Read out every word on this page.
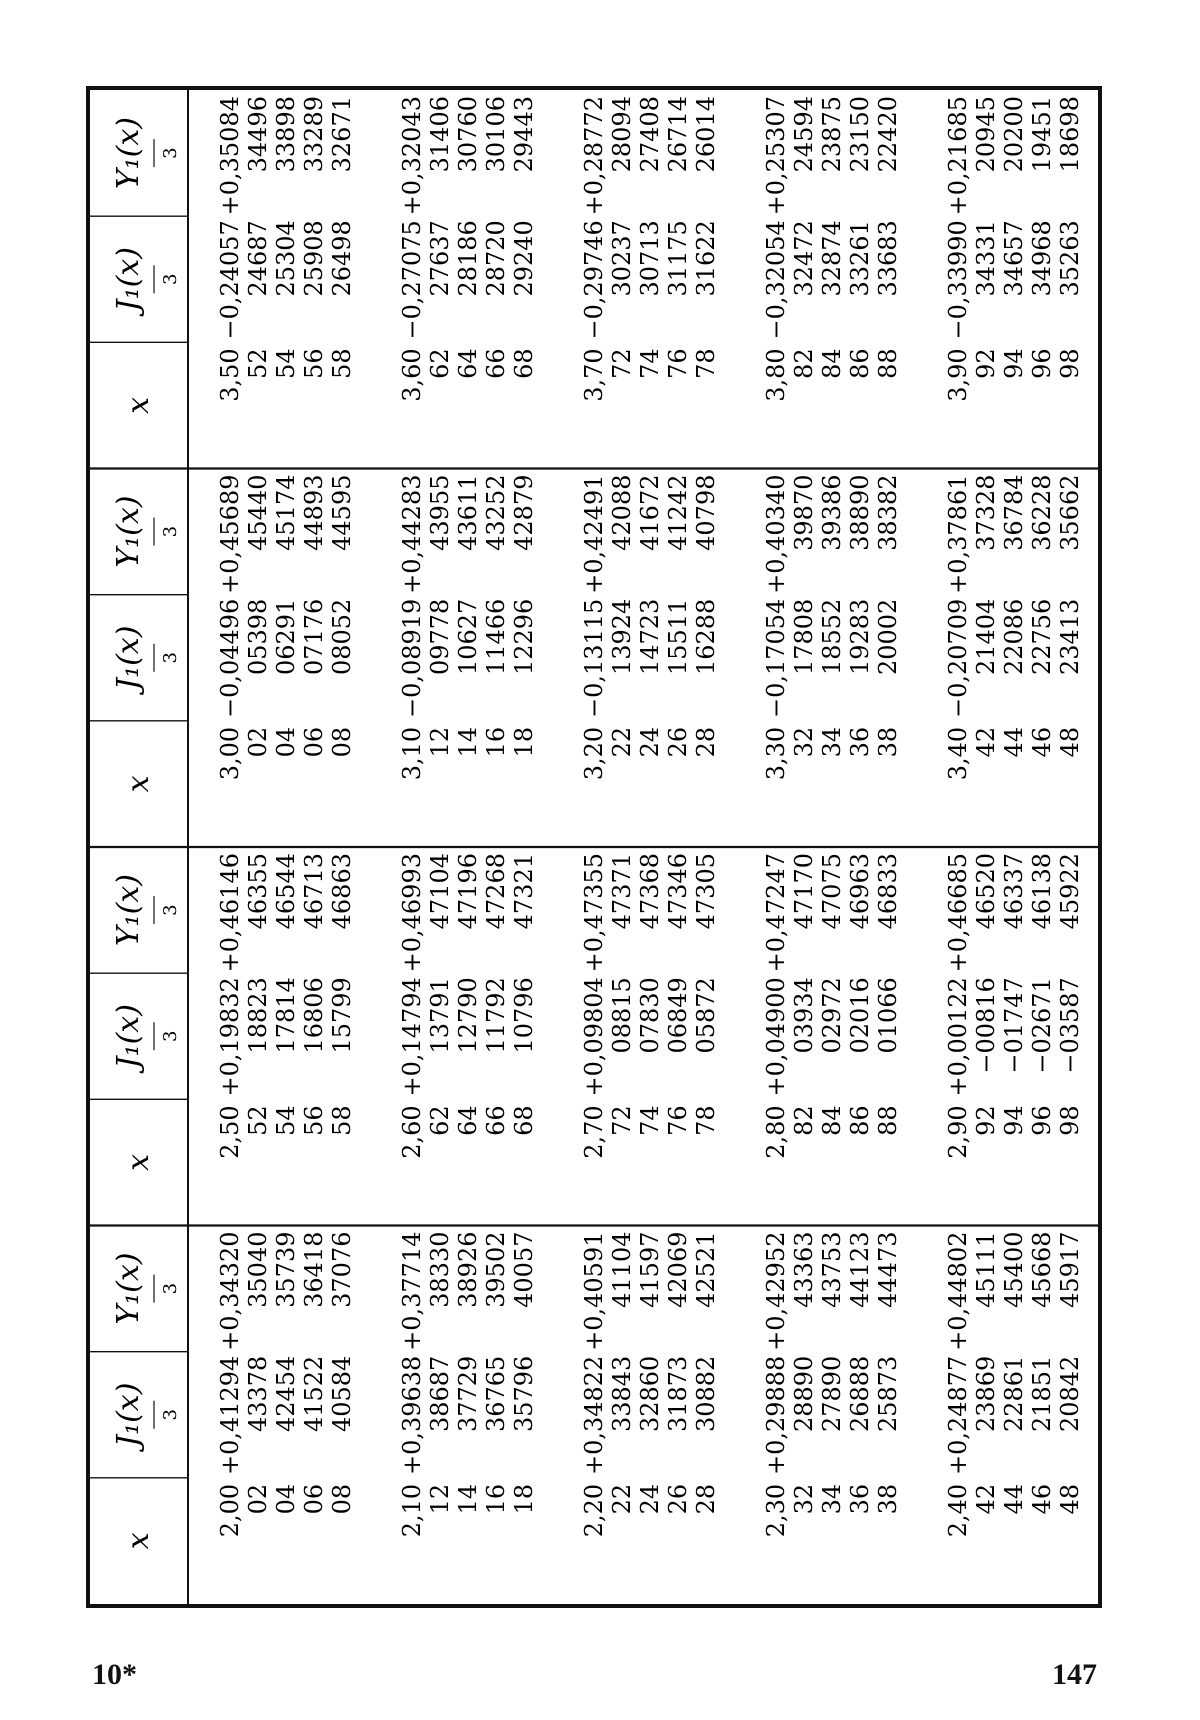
x
J₁(x) 3
Y₁(x) 3
x
J₁(x) 3
Y₁(x) 3
x
J₁(x) 3
Y₁(x) 3
x
J₁(x) 3
Y₁(x) 3
2,00
+0,41294
+0,34320
02
43378
35040
04
42454
35739
06
41522
36418
08
40584
37076
2,10
+0,39638
+0,37714
12
38687
38330
14
37729
38926
16
36765
39502
18
35796
40057
2,20
+0,34822
+0,40591
22
33843
41104
24
32860
41597
26
31873
42069
28
30882
42521
2,30
+0,29888
+0,42952
32
28890
43363
34
27890
43753
36
26888
44123
38
25873
44473
2,40
+0,24877
+0,44802
42
23869
45111
44
22861
45400
46
21851
45668
48
20842
45917
2,50
+0,19832
+0,46146
52
18823
46355
54
17814
46544
56
16806
46713
58
15799
46863
2,60
+0,14794
+0,46993
62
13791
47104
64
12790
47196
66
11792
47268
68
10796
47321
2,70
+0,09804
+0,47355
72
08815
47371
74
07830
47368
76
06849
47346
78
05872
47305
2,80
+0,04900
+0,47247
82
03934
47170
84
02972
47075
86
02016
46963
88
01066
46833
2,90
+0,00122
+0,46685
92
−00816
46520
94
−01747
46337
96
−02671
46138
98
−03587
45922
3,00
−0,04496
+0,45689
02
05398
45440
04
06291
45174
06
07176
44893
08
08052
44595
3,10
−0,08919
+0,44283
12
09778
43955
14
10627
43611
16
11466
43252
18
12296
42879
3,20
−0,13115
+0,42491
22
13924
42088
24
14723
41672
26
15511
41242
28
16288
40798
3,30
−0,17054
+0,40340
32
17808
39870
34
18552
39386
36
19283
38890
38
20002
38382
3,40
−0,20709
+0,37861
42
21404
37328
44
22086
36784
46
22756
36228
48
23413
35662
3,50
−0,24057
+0,35084
52
24687
34496
54
25304
33898
56
25908
33289
58
26498
32671
3,60
−0,27075
+0,32043
62
27637
31406
64
28186
30760
66
28720
30106
68
29240
29443
3,70
−0,29746
+0,28772
72
30237
28094
74
30713
27408
76
31175
26714
78
31622
26014
3,80
−0,32054
+0,25307
82
32472
24594
84
32874
23875
86
33261
23150
88
33683
22420
3,90
−0,33990
+0,21685
92
34331
20945
94
34657
20200
96
34968
19451
98
35263
18698
10*	147
